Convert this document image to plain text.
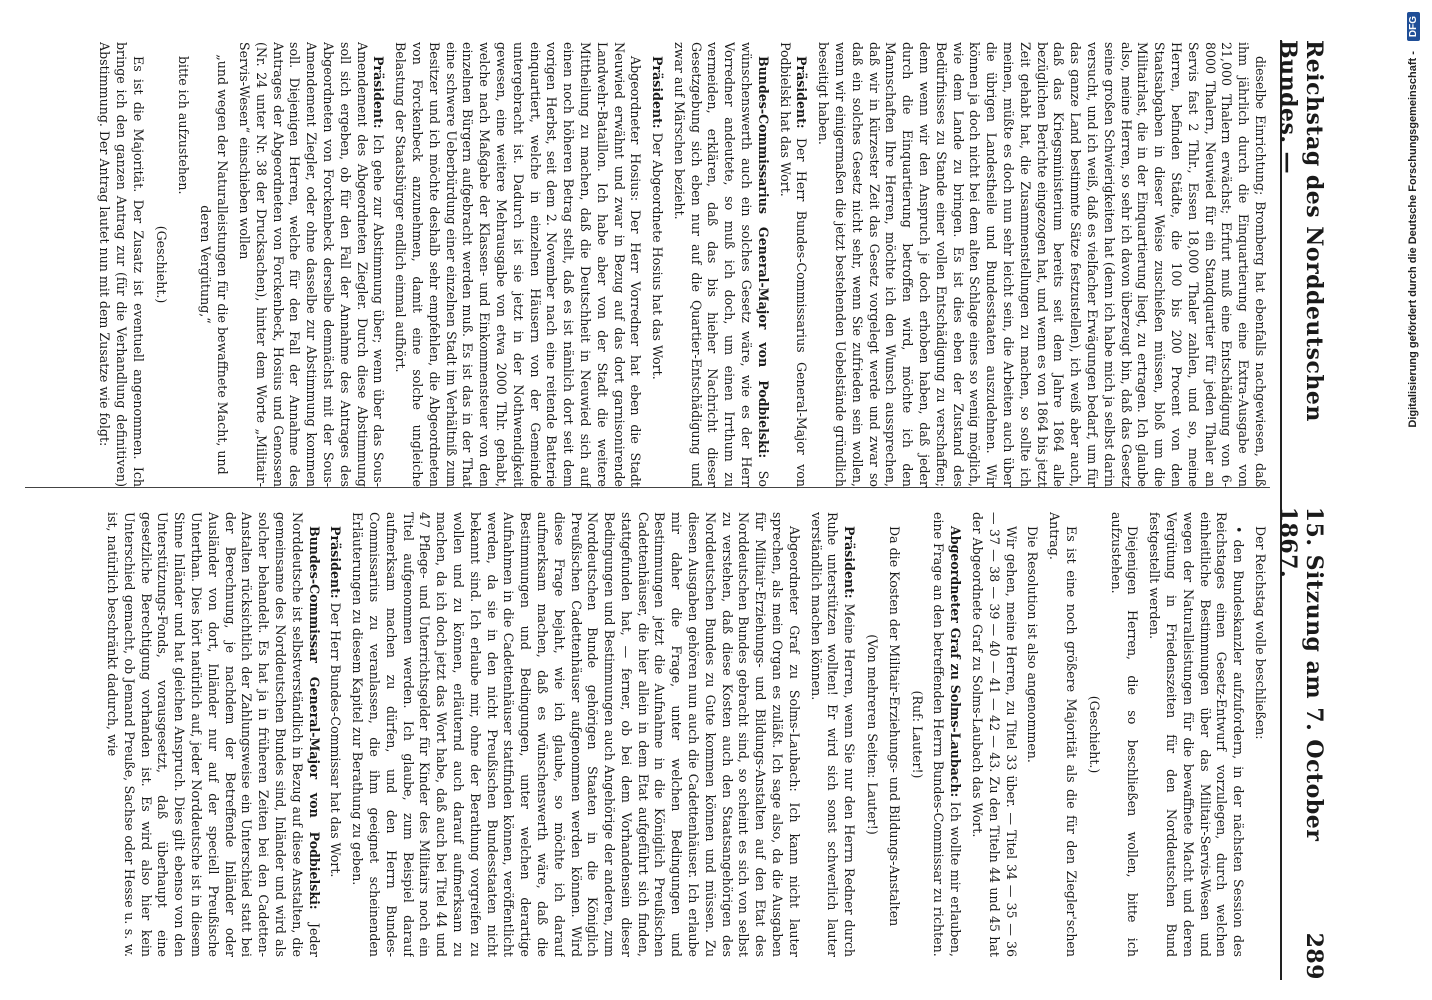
Reichstag des Norddeutschen Bundes. —
15. Sitzung am 7. October 1867.
289

dieselbe Einrichtung; Bromberg hat ebenfalls nachgewiesen, daß ihm jährlich durch die Einquartierung eine Extra-Ausgabe von 21,000 Thalern erwächst; Erfurt muß eine Entschädigung von 6-8000 Thalern, Neuwied für ein Standquartier für jeden Thaler an Servis fast 2 Thlr., Essen 18,000 Thaler zahlen, und so, meine Herren, befinden Städte, die 100 bis 200 Procent von den Staatsabgaben in dieser Weise zuschießen müssen, bloß um die Militairlast, die in der Einquartierung liegt, zu ertragen. Ich glaube also, meine Herren, so sehr ich davon überzeugt bin, daß das Gesetz seine großen Schwierigkeiten hat (denn ich habe mich ja selbst darin versucht, und ich weiß, daß es vielfacher Erwägungen bedarf, um für das ganze Land bestimmte Sätze festzustellen), ich weiß aber auch, daß das Kriegsministerium bereits seit dem Jahre 1864 alle bezüglichen Berichte eingezogen hat, und wenn es von 1864 bis jetzt Zeit gehabt hat, die Zusammenstellungen zu machen, so sollte ich meinen, müßte es doch nun sehr leicht sein, die Arbeiten auch über die übrigen Landestheile und Bundesstaaten auszudehnen. Wir können ja doch nicht bei dem alten Schlage eines so wenig möglich, wie dem Lande zu bringen. Es ist dies eben der Zustand des Bedürfnisses zu Stande einer vollen Entschädigung zu verschaffen; denn wenn wir den Anspruch je doch erhoben haben, daß jeder durch die Einquartierung betroffen wird, möchte ich den Mannschaften Ihre Herren, möchte ich den Wunsch aussprechen, daß wir in kürzester Zeit das Gesetz vorgelegt werde und zwar so daß ein solches Gesetz nicht sehr, wenn Sie zufrieden sein wollen, wenn wir einigermaßen die jetzt bestehenden Uebelstände gründlich beseitigt haben.

Präsident: Der Herr Bundes-Commissarius General-Major von Podbielski hat das Wort.

Bundes-Commissarius General-Major von Podbielski: So wünschenswerth auch ein solches Gesetz wäre, wie es der Herr Vorredner andeutete, so muß ich doch, um einen Irrthum zu vermeiden, erklären, daß das bis hieher Nachricht dieser Gesetzgebung sich eben nur auf die Quartier-Entschädigung und zwar auf Märschen bezieht.

Präsident: Der Abgeordnete Hosius hat das Wort.

Abgeordneter Hosius: Der Herr Vorredner hat eben die Stadt Neuwied erwähnt und zwar in Bezug auf das dort garnisonirende Landwehr-Bataillon. Ich habe aber von der Stadt die weitere Mittheilung zu machen, daß die Deutschheit in Neuwied sich auf einen noch höheren Betrag stellt, daß es ist nämlich dort seit dem vorigen Herbst, seit dem 2. November nach eine reitende Batterie einquartiert, welche in einzelnen Häusern von der Gemeinde untergebracht ist. Dadurch ist sie jetzt in der Nothwendigkeit gewesen, eine weitere Mehrausgabe von etwa 2000 Thlr. gehabt, welche nach Maßgabe der Klassen- und Einkommensteuer von den einzelnen Bürgern aufgebracht werden muß. Es ist das in der That eine schwere Ueberbürdung einer einzelnen Stadt im Verhältniß zum Besitzer und ich möchte deshalb sehr empfehlen, die Abgeordneten von Forckenbeck anzunehmen, damit eine solche ungleiche Belastung der Staatsbürger endlich einmal aufhört.

Präsident: Ich gehe zur Abstimmung über; wenn über das Sous-Amendement des Abgeordneten Ziegler. Durch diese Abstimmung soll sich ergeben, ob für den Fall der Annahme des Antrages des Abgeordneten von Forckenbeck derselbe demnächst mit der Sous-Amendement Ziegler, oder ohne dasselbe zur Abstimmung kommen soll. Diejenigen Herren, welche für den Fall der Annahme des Antrages der Abgeordneten von Forckenbeck, Hosius und Genossen (Nr. 24 unter Nr. 38 der Drucksachen), hinter dem Worte „Militair-Servis-Wesen“ einschieben wollen

„und wegen der Naturalleistungen für die bewaffnete Macht, und deren Vergütung,“

bitte ich aufzustehen.

(Geschieht.)

Es ist die Majorität. Der Zusatz ist eventuell angenommen. Ich bringe ich den ganzen Antrag zur (für die Verhandlung definitiven) Abstimmung. Der Antrag lautet nun mit dem Zusatze wie folgt:

Der Reichstag wolle beschließen:

• den Bundeskanzler aufzufordern, in der nächsten Session des Reichstages einen Gesetz-Entwurf vorzulegen, durch welchen einheitliche Bestimmungen über das Militair-Servis-Wesen und wegen der Naturalleistungen für die bewaffnete Macht und deren Vergütung in Friedenszeiten für den Norddeutschen Bund festgestellt werden.

Diejenigen Herren, die so beschließen wollen, bitte ich aufzustehen.

(Geschieht.)

Es ist eine noch größere Majorität als die für den Ziegler'schen Antrag.

Die Resolution ist also angenommen.

Wir gehen, meine Herren, zu Titel 33 über. — Titel 34 — 35 — 36 — 37 — 38 — 39 — 40 — 41 — 42 — 43. Zu den Titeln 44 und 45 hat der Abgeordnete Graf zu Solms-Laubach das Wort.

Abgeordneter Graf zu Solms-Laubach: Ich wollte mir erlauben, eine Frage an den betreffenden Herrn Bundes-Commissar zu richten.

(Ruf: Lauter!)

Da die Kosten der Militair-Erziehungs- und Bildungs-Anstalten

(Von mehreren Seiten: Lauter!)

Präsident: Meine Herren, wenn Sie nur den Herrn Redner durch Ruhe unterstützen wollten! Er wird sich sonst schwerlich lauter verständlich machen können.

Abgeordneter Graf zu Solms-Laubach: Ich kann nicht lauter sprechen, als mein Organ es zuläßt. Ich sage also, da die Ausgaben für Militair-Erziehungs- und Bildungs-Anstalten auf den Etat des Norddeutschen Bundes gebracht sind, so scheint es sich von selbst zu verstehen, daß diese Kosten auch den Staatsangehörigen des Norddeutschen Bundes zu Gute kommen können und müssen. Zu diesen Ausgaben gehören nun auch die Cadettenhäuser. Ich erlaube mir daher die Frage, unter welchen Bedingungen und Bestimmungen jetzt die Aufnahme in die Königlich Preußischen Cadettenhäuser, die hier allein in dem Etat aufgeführt sich finden, stattgefunden hat, — ferner, ob bei dem Vorhandensein dieser Bedingungen und Bestimmungen auch Angehörige der anderen, zum Norddeutschen Bunde gehörigen Staaten in die Königlich Preußischen Cadettenhäuser aufgenommen werden können. Wird diese Frage bejaht, wie ich glaube, so möchte ich darauf aufmerksam machen, daß es wünschenswerth wäre, daß die Bestimmungen und Bedingungen, unter welchen derartige Aufnahmen in die Cadettenhäuser stattfinden können, veröffentlicht werden, da sie in den nicht Preußischen Bundesstaaten nicht bekannt sind. Ich erlaube mir, ohne der Berathung vorgreifen zu wollen und zu können, erläuternd auch darauf aufmerksam zu machen, da ich doch jetzt das Wort habe, daß auch bei Titel 44 und 47 Pflege- und Unterrichtsgelder für Kinder des Militairs noch ein Titel aufgenommen werden. Ich glaube, zum Beispiel darauf aufmerksam machen zu dürfen, und den Herrn Bundes-Commissarius zu veranlassen, die ihm geeignet scheinenden Erläuterungen zu diesem Kapitel zur Berathung zu geben.

Präsident: Der Herr Bundes-Commissar hat das Wort.

Bundes-Commissar General-Major von Podbielski: Jeder Norddeutsche ist selbstverständlich in Bezug auf diese Anstalten, die gemeinsame des Norddeutschen Bundes sind, Inländer und wird als solcher behandelt. Es hat ja in früheren Zeiten bei den Cadetten-Anstalten rücksichtlich der Zahlungsweise ein Unterschied statt bei der Berechnung, je nachdem der Betreffende Inländer oder Ausländer von dort, Inländer nur auf der speciell Preußische Unterthan. Dies hört natürlich auf, jeder Norddeutsche ist in diesem Sinne Inländer und hat gleichen Anspruch. Dies gilt ebenso von den Unterstützungs-Fonds, vorausgesetzt, daß überhaupt eine gesetzliche Berechtigung vorhanden ist. Es wird also hier kein Unterschied gemacht, ob Jemand Preuße, Sachse oder Hesse u. s. w. ist, natürlich beschränkt dadurch, wie

Digitalisierung gefördert durch die Deutsche Forschungsgemeinschaft -
DFG
